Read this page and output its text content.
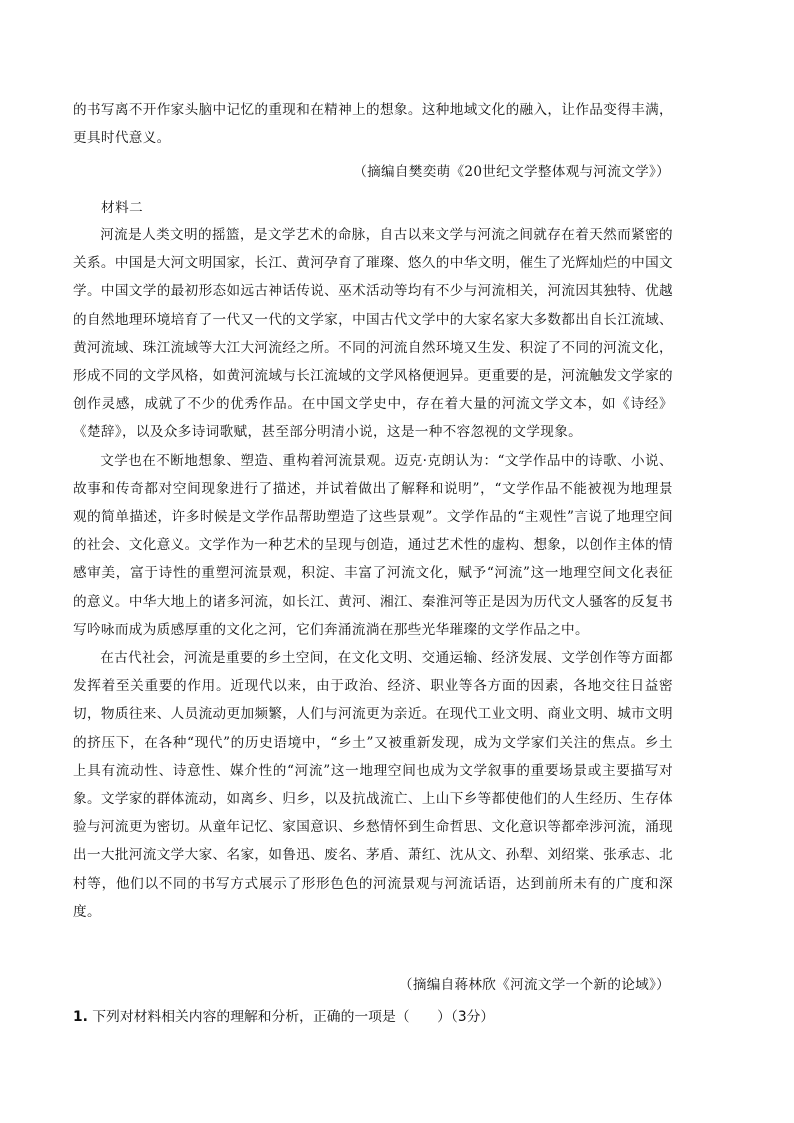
的书写离不开作家头脑中记忆的重现和在精神上的想象。这种地域文化的融入，让作品变得丰满，更具时代意义。

（摘编自樊奕萌《20世纪文学整体观与河流文学》）
材料二

河流是人类文明的摇篮，是文学艺术的命脉，自古以来文学与河流之间就存在着天然而紧密的关系。中国是大河文明国家，长江、黄河孕育了璀璨、悠久的中华文明，催生了光辉灿烂的中国文学。中国文学的最初形态如远古神话传说、巫术活动等均有不少与河流相关，河流因其独特、优越的自然地理环境培育了一代又一代的文学家，中国古代文学中的大家名家大多数都出自长江流域、黄河流域、珠江流域等大江大河流经之所。不同的河流自然环境又生发、积淀了不同的河流文化，形成不同的文学风格，如黄河流域与长江流域的文学风格便迥异。更重要的是，河流触发文学家的创作灵感，成就了不少的优秀作品。在中国文学史中，存在着大量的河流文学文本，如《诗经》《楚辞》，以及众多诗词歌赋，甚至部分明清小说，这是一种不容忽视的文学现象。

文学也在不断地想象、塑造、重构着河流景观。迈克·克朗认为：“文学作品中的诗歌、小说、故事和传奇都对空间现象进行了描述，并试着做出了解释和说明”，“文学作品不能被视为地理景观的简单描述，许多时候是文学作品帮助塑造了这些景观”。文学作品的“主观性”言说了地理空间的社会、文化意义。文学作为一种艺术的呈现与创造，通过艺术性的虚构、想象，以创作主体的情感审美，富于诗性的重塑河流景观，积淀、丰富了河流文化，赋予“河流”这一地理空间文化表征的意义。中华大地上的诸多河流，如长江、黄河、湘江、秦淮河等正是因为历代文人骚客的反复书写吟咏而成为质感厚重的文化之河，它们奔涌流淌在那些光华璀璨的文学作品之中。

在古代社会，河流是重要的乡土空间，在文化文明、交通运输、经济发展、文学创作等方面都发挥着至关重要的作用。近现代以来，由于政治、经济、职业等各方面的因素，各地交往日益密切，物质往来、人员流动更加频繁，人们与河流更为亲近。在现代工业文明、商业文明、城市文明的挤压下，在各种“现代”的历史语境中，“乡土”又被重新发现，成为文学家们关注的焦点。乡土上具有流动性、诗意性、媒介性的“河流”这一地理空间也成为文学叙事的重要场景或主要描写对象。文学家的群体流动，如离乡、归乡，以及抗战流亡、上山下乡等都使他们的人生经历、生存体验与河流更为密切。从童年记忆、家国意识、乡愁情怀到生命哲思、文化意识等都牵涉河流，涌现出一大批河流文学大家、名家，如鲁迅、废名、茅盾、萧红、沈从文、孙犁、刘绍棠、张承志、北村等，他们以不同的书写方式展示了形形色色的河流景观与河流话语，达到前所未有的广度和深度。

（摘编自蒋林欣《河流文学一个新的论域》）
1. 下列对材料相关内容的理解和分析，正确的一项是（　　）（3分）
